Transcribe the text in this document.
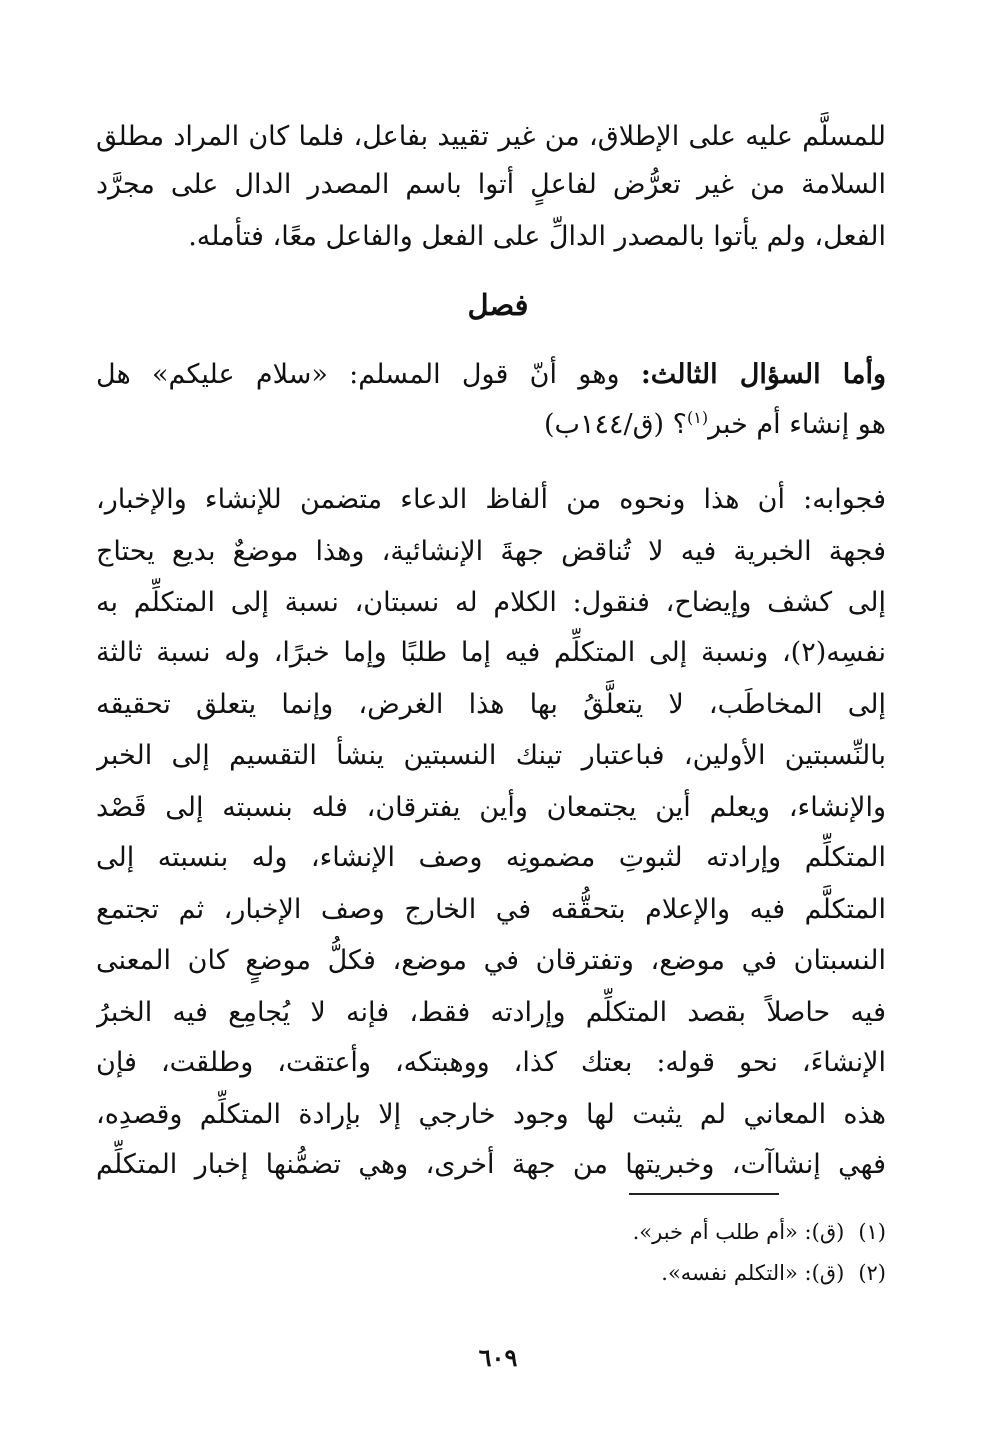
للمسلَّم عليه على الإطلاق، من غير تقييد بفاعل، فلما كان المراد مطلق
السلامة من غير تعرُّض لفاعلٍ أتوا باسم المصدر الدال على مجرَّد
الفعل، ولم يأتوا بالمصدر الدالِّ على الفعل والفاعل معًا، فتأمله.
فصل
وأما السؤال الثالث: وهو أنّ قول المسلم: «سلام عليكم» هل
هو إنشاء أم خبر$^{(١)}$؟ (ق/١٤٤ب)
فجوابه: أن هذا ونحوه من ألفاظ الدعاء متضمن للإنشاء والإخبار،
فجهة الخبرية فيه لا تُناقض جهةَ الإنشائية، وهذا موضعٌ بديع يحتاج
إلى كشف وإيضاح، فنقول: الكلام له نسبتان، نسبة إلى المتكلِّم به
نفسِه(٢)، ونسبة إلى المتكلِّم فيه إما طلبًا وإما خبرًا، وله نسبة ثالثة
إلى المخاطَب، لا يتعلَّقُ بها هذا الغرض، وإنما يتعلق تحقيقه
بالنِّسبتين الأولين، فباعتبار تينك النسبتين ينشأ التقسيم إلى الخبر
والإنشاء، ويعلم أين يجتمعان وأين يفترقان، فله بنسبته إلى قَصْد
المتكلِّم وإرادته لثبوتِ مضمونِه وصف الإنشاء، وله بنسبته إلى
المتكلَّم فيه والإعلام بتحقُّقه في الخارج وصف الإخبار، ثم تجتمع
النسبتان في موضع، وتفترقان في موضع، فكلُّ موضعٍ كان المعنى
فيه حاصلاً بقصد المتكلِّم وإرادته فقط، فإنه لا يُجامِع فيه الخبرُ
الإنشاءَ، نحو قوله: بعتك كذا، ووهبتكه، وأعتقت، وطلقت، فإن
هذه المعاني لم يثبت لها وجود خارجي إلا بإرادة المتكلِّم وقصدِه،
فهي إنشاآت، وخبريتها من جهة أخرى، وهي تضمُّنها إخبار المتكلِّم
(١)(ق): «أم طلب أم خبر».
(٢)(ق): «التكلم نفسه».
٦٠٩
